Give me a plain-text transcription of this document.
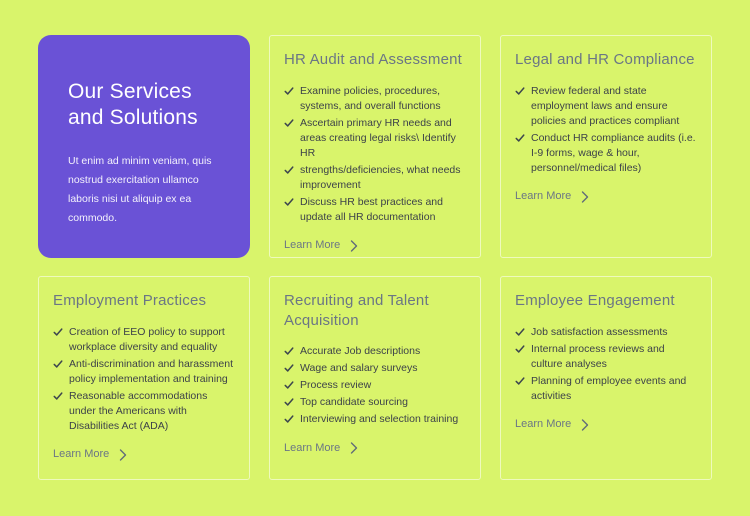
Our Services and Solutions
Ut enim ad minim veniam, quis nostrud exercitation ullamco laboris nisi ut aliquip ex ea commodo.
HR Audit and Assessment
Examine policies, procedures, systems, and overall functions
Ascertain primary HR needs and areas creating legal risks\ Identify HR
strengths/deficiencies, what needs improvement
Discuss HR best practices and update all HR documentation
Learn More
Legal and HR Compliance
Review federal and state employment laws and ensure policies and practices compliant
Conduct HR compliance audits (i.e. I-9 forms, wage & hour, personnel/medical files)
Learn More
Employment Practices
Creation of EEO policy to support workplace diversity and equality
Anti-discrimination and harassment policy implementation and training
Reasonable accommodations under the Americans with Disabilities Act (ADA)
Learn More
Recruiting and Talent Acquisition
Accurate Job descriptions
Wage and salary surveys
Process review
Top candidate sourcing
Interviewing and selection training
Learn More
Employee Engagement
Job satisfaction assessments
Internal process reviews and culture analyses
Planning of employee events and activities
Learn More
